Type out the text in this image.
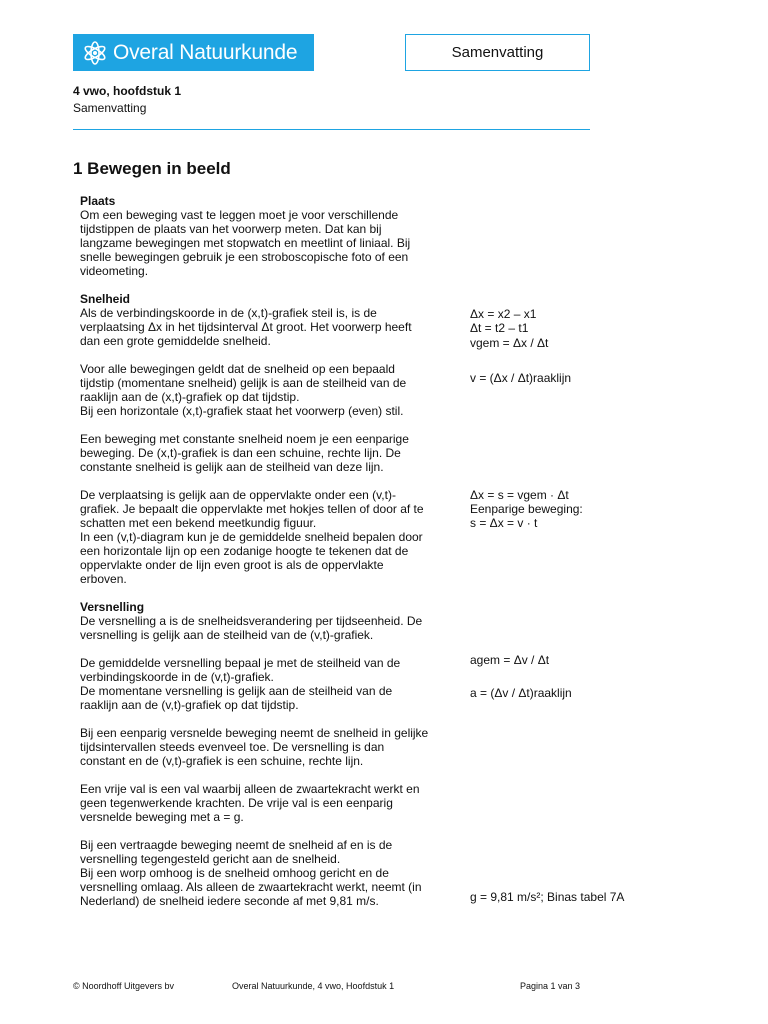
Overal Natuurkunde	Samenvatting
4 vwo, hoofdstuk 1
Samenvatting
1 Bewegen in beeld
Plaats
Om een beweging vast te leggen moet je voor verschillende
tijdstippen de plaats van het voorwerp meten. Dat kan bij
langzame bewegingen met stopwatch en meetlint of liniaal. Bij
snelle bewegingen gebruik je een stroboscopische foto of een
videometing.
Snelheid
Als de verbindingskoorde in de (x,t)-grafiek steil is, is de
verplaatsing Δx in het tijdsinterval Δt groot. Het voorwerp heeft
dan een grote gemiddelde snelheid.
Voor alle bewegingen geldt dat de snelheid op een bepaald
tijdstip (momentane snelheid) gelijk is aan de steilheid van de
raaklijn aan de (x,t)-grafiek op dat tijdstip.
Bij een horizontale (x,t)-grafiek staat het voorwerp (even) stil.
Een beweging met constante snelheid noem je een eenparige
beweging. De (x,t)-grafiek is dan een schuine, rechte lijn. De
constante snelheid is gelijk aan de steilheid van deze lijn.
De verplaatsing is gelijk aan de oppervlakte onder een (v,t)-
grafiek. Je bepaalt die oppervlakte met hokjes tellen of door af te
schatten met een bekend meetkundig figuur.
In een (v,t)-diagram kun je de gemiddelde snelheid bepalen door
een horizontale lijn op een zodanige hoogte te tekenen dat de
oppervlakte onder de lijn even groot is als de oppervlakte
erboven.
Versnelling
De versnelling a is de snelheidsverandering per tijdseenheid. De
versnelling is gelijk aan de steilheid van de (v,t)-grafiek.
De gemiddelde versnelling bepaal je met de steilheid van de
verbindingskoorde in de (v,t)-grafiek.
De momentane versnelling is gelijk aan de steilheid van de
raaklijn aan de (v,t)-grafiek op dat tijdstip.
Bij een eenparig versnelde beweging neemt de snelheid in gelijke
tijdsintervallen steeds evenveel toe. De versnelling is dan
constant en de (v,t)-grafiek is een schuine, rechte lijn.
Een vrije val is een val waarbij alleen de zwaartekracht werkt en
geen tegenwerkende krachten. De vrije val is een eenparig
versnelde beweging met a = g.
Bij een vertraagde beweging neemt de snelheid af en is de
versnelling tegengesteld gericht aan de snelheid.
Bij een worp omhoog is de snelheid omhoog gericht en de
versnelling omlaag. Als alleen de zwaartekracht werkt, neemt (in
Nederland) de snelheid iedere seconde af met 9,81 m/s.
Δx = x2 – x1
Δt = t2 – t1
vgem = Δx / Δt
v = (Δx / Δt)raaklijn
Δx = s = vgem · Δt
Eenparige beweging:
s = Δx = v · t
agem = Δv / Δt
a = (Δv / Δt)raaklijn
g = 9,81 m/s²; Binas tabel 7A
© Noordhoff Uitgevers bv	Overal Natuurkunde, 4 vwo, Hoofdstuk 1	Pagina 1 van 3
